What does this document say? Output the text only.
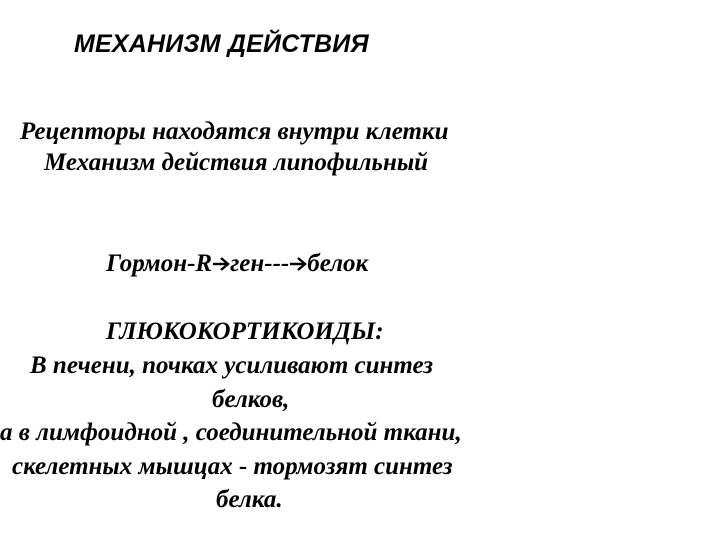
МЕХАНИЗМ ДЕЙСТВИЯ
Рецепторы находятся внутри клетки
Механизм действия липофильный
Гормон-R ген--- белок
ГЛЮКОКОРТИКОИДЫ:
В печени, почках усиливают синтез
белков,
а в лимфоидной , соединительной ткани,
скелетных мышцах - тормозят синтез
белка.
